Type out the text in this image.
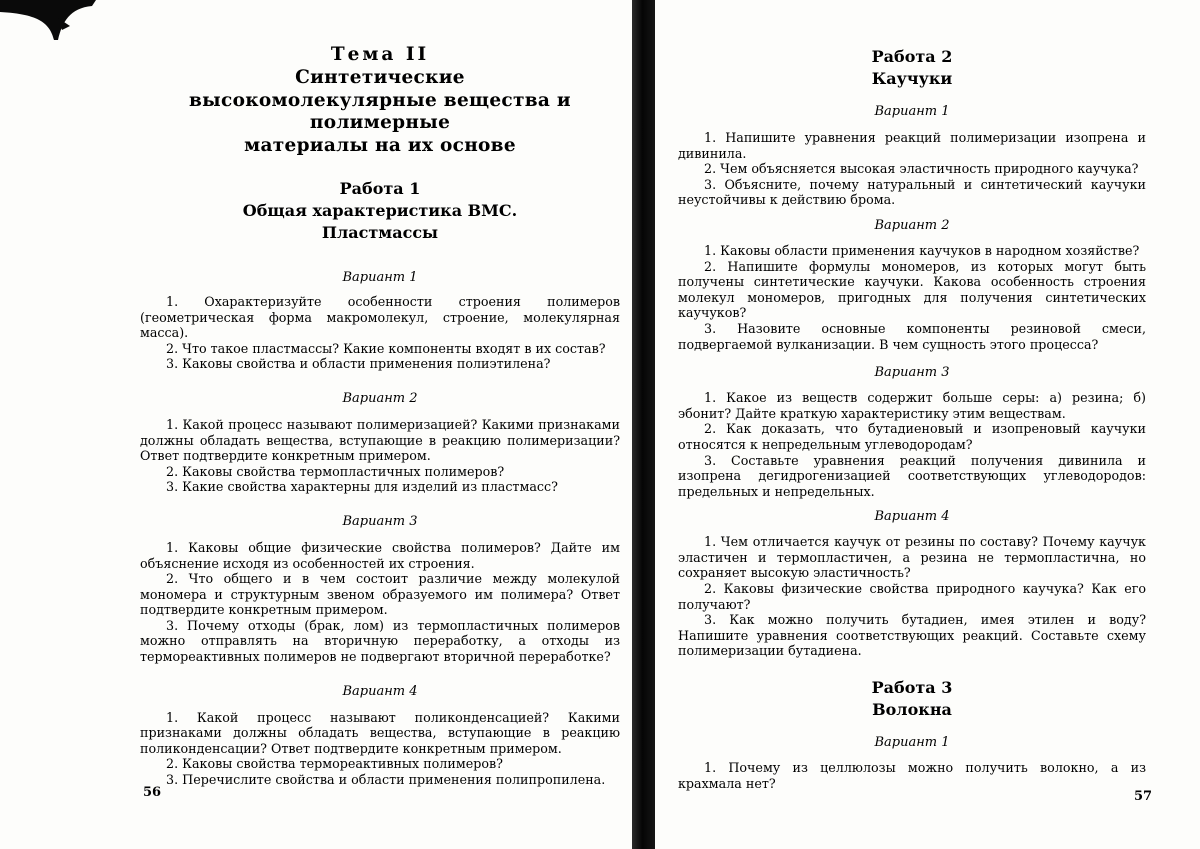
Тема II
Синтетические
высокомолекулярные вещества и полимерные
материалы на их основе
Работа 1
Общая характеристика ВМС.
Пластмассы
Вариант 1

1. Охарактеризуйте особенности строения полимеров (геометрическая форма макромолекул, строение, молекулярная масса).

2. Что такое пластмассы? Какие компоненты входят в их состав?

3. Каковы свойства и области применения полиэтилена?

Вариант 2

1. Какой процесс называют полимеризацией? Какими признаками должны обладать вещества, вступающие в реакцию полимеризации? Ответ подтвердите конкретным примером.

2. Каковы свойства термопластичных полимеров?

3. Какие свойства характерны для изделий из пластмасс?

Вариант 3

1. Каковы общие физические свойства полимеров? Дайте им объяснение исходя из особенностей их строения.

2. Что общего и в чем состоит различие между молекулой мономера и структурным звеном образуемого им полимера? Ответ подтвердите конкретным примером.

3. Почему отходы (брак, лом) из термопластичных полимеров можно отправлять на вторичную переработку, а отходы из термореактивных полимеров не подвергают вторичной переработке?

Вариант 4

1. Какой процесс называют поликонденсацией? Какими признаками должны обладать вещества, вступающие в реакцию поликонденсации? Ответ подтвердите конкретным примером.

2. Каковы свойства термореактивных полимеров?

3. Перечислите свойства и области применения полипропилена.

56
Работа 2
Каучуки
Вариант 1

1. Напишите уравнения реакций полимеризации изопрена и дивинила.

2. Чем объясняется высокая эластичность природного каучука?

3. Объясните, почему натуральный и синтетический каучуки неустойчивы к действию брома.

Вариант 2

1. Каковы области применения каучуков в народном хозяйстве?

2. Напишите формулы мономеров, из которых могут быть получены синтетические каучуки. Какова особенность строения молекул мономеров, пригодных для получения синтетических каучуков?

3. Назовите основные компоненты резиновой смеси, подвергаемой вулканизации. В чем сущность этого процесса?

Вариант 3

1. Какое из веществ содержит больше серы: а) резина; б) эбонит? Дайте краткую характеристику этим веществам.

2. Как доказать, что бутадиеновый и изопреновый каучуки относятся к непредельным углеводородам?

3. Составьте уравнения реакций получения дивинила и изопрена дегидрогенизацией соответствующих углеводородов: предельных и непредельных.

Вариант 4

1. Чем отличается каучук от резины по составу? Почему каучук эластичен и термопластичен, а резина не термопластична, но сохраняет высокую эластичность?

2. Каковы физические свойства природного каучука? Как его получают?

3. Как можно получить бутадиен, имея этилен и воду? Напишите уравнения соответствующих реакций. Составьте схему полимеризации бутадиена.

Работа 3
Волокна
Вариант 1

1. Почему из целлюлозы можно получить волокно, а из крахмала нет?

57
